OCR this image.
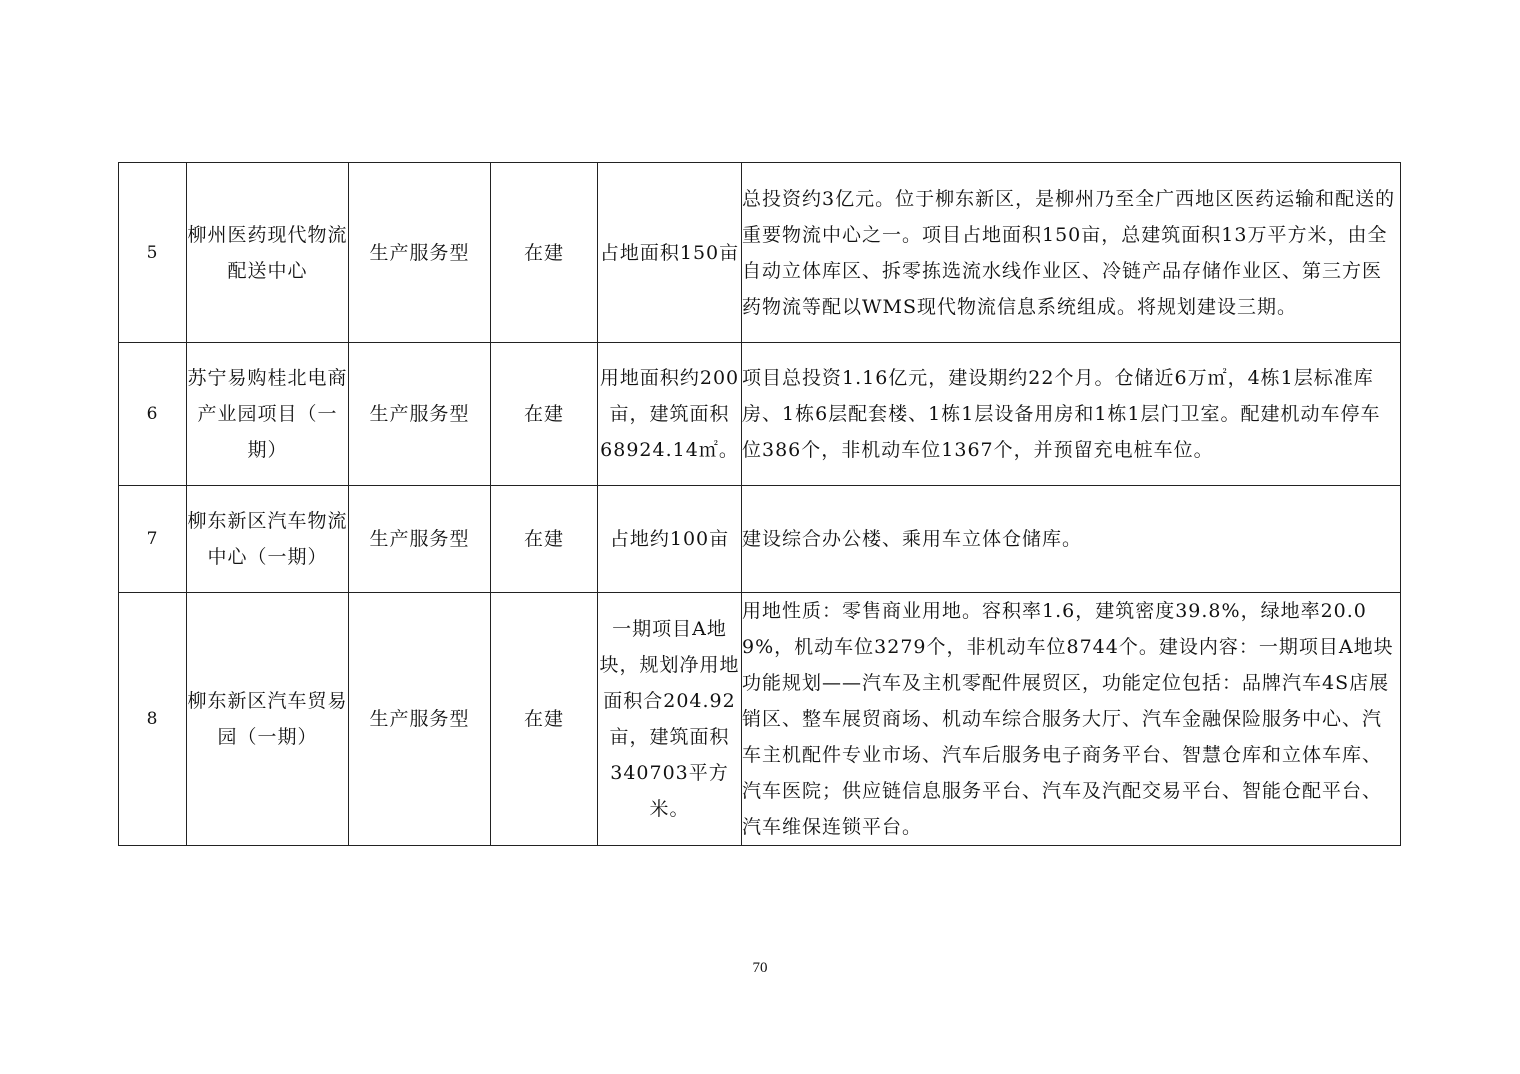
5	柳州医药现代物流配送中心	生产服务型	在建	占地面积150亩	总投资约3亿元。位于柳东新区，是柳州乃至全广西地区医药运输和配送的重要物流中心之一。项目占地面积150亩，总建筑面积13万平方米，由全自动立体库区、拆零拣选流水线作业区、冷链产品存储作业区、第三方医药物流等配以WMS现代物流信息系统组成。将规划建设三期。
6	苏宁易购桂北电商产业园项目（一期）	生产服务型	在建	用地面积约200亩，建筑面积68924.14㎡。	项目总投资1.16亿元，建设期约22个月。仓储近6万㎡，4栋1层标准库房、1栋6层配套楼、1栋1层设备用房和1栋1层门卫室。配建机动车停车位386个，非机动车位1367个，并预留充电桩车位。
7	柳东新区汽车物流中心（一期）	生产服务型	在建	占地约100亩	建设综合办公楼、乘用车立体仓储库。
8	柳东新区汽车贸易园（一期）	生产服务型	在建	一期项目A地块，规划净用地面积合204.92亩，建筑面积340703平方米。	用地性质：零售商业用地。容积率1.6，建筑密度39.8%，绿地率20.09%，机动车位3279个，非机动车位8744个。建设内容：一期项目A地块功能规划——汽车及主机零配件展贸区，功能定位包括：品牌汽车4S店展销区、整车展贸商场、机动车综合服务大厅、汽车金融保险服务中心、汽车主机配件专业市场、汽车后服务电子商务平台、智慧仓库和立体车库、汽车医院；供应链信息服务平台、汽车及汽配交易平台、智能仓配平台、汽车维保连锁平台。
70
